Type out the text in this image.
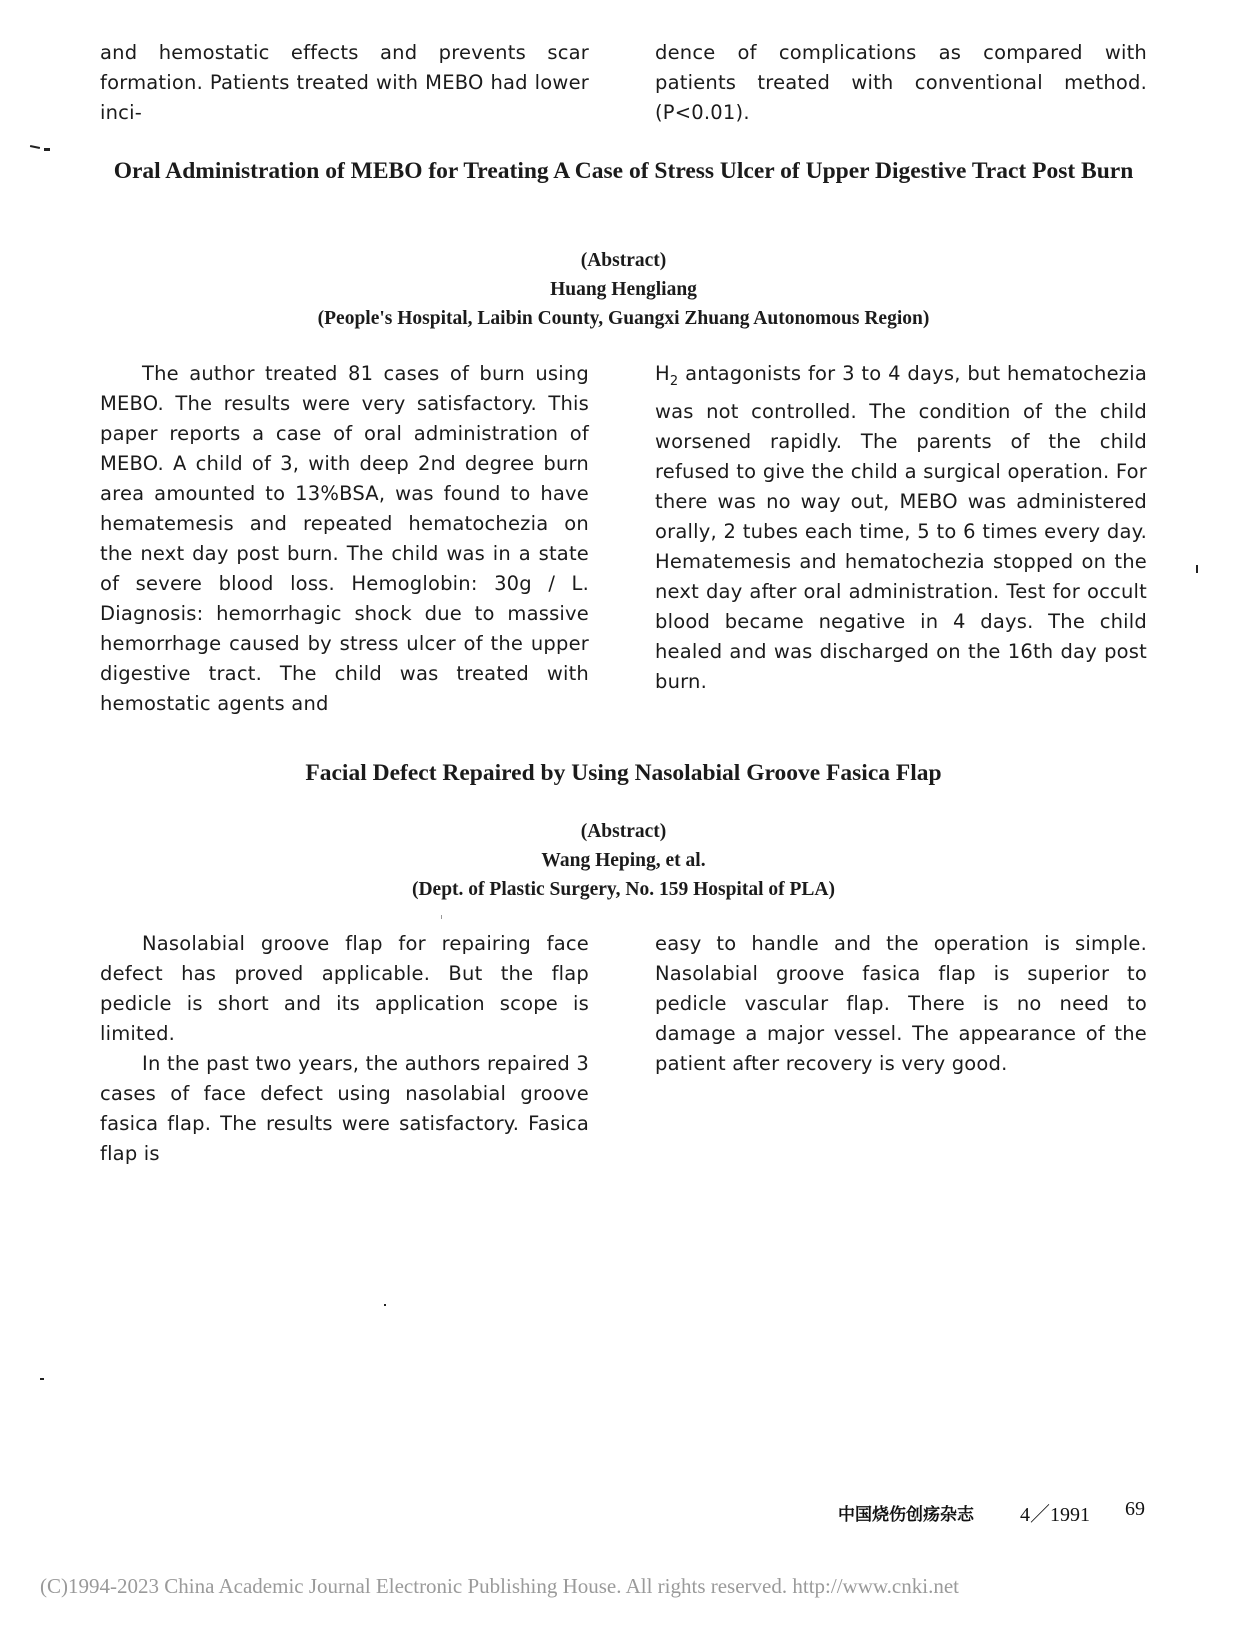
and hemostatic effects and prevents scar formation. Patients treated with MEBO had lower inci-

dence of complications as compared with patients treated with conventional method. (P<0.01).

Oral Administration of MEBO for Treating A Case of Stress Ulcer of Upper Digestive Tract Post Burn
(Abstract)
Huang Hengliang
(People's Hospital, Laibin County, Guangxi Zhuang Autonomous Region)

The author treated 81 cases of burn using MEBO. The results were very satisfactory. This paper reports a case of oral administration of MEBO. A child of 3, with deep 2nd degree burn area amounted to 13%BSA, was found to have hematemesis and repeated hematochezia on the next day post burn. The child was in a state of severe blood loss. Hemoglobin: 30g / L. Diagnosis: hemorrhagic shock due to massive hemorrhage caused by stress ulcer of the upper digestive tract. The child was treated with hemostatic agents and

$H_2$ antagonists for 3 to 4 days, but hematochezia was not controlled. The condition of the child worsened rapidly. The parents of the child refused to give the child a surgical operation. For there was no way out, MEBO was administered orally, 2 tubes each time, 5 to 6 times every day. Hematemesis and hematochezia stopped on the next day after oral administration. Test for occult blood became negative in 4 days. The child healed and was discharged on the 16th day post burn.

Facial Defect Repaired by Using Nasolabial Groove Fasica Flap
(Abstract)
Wang Heping, et al.
(Dept. of Plastic Surgery, No. 159 Hospital of PLA)

Nasolabial groove flap for repairing face defect has proved applicable. But the flap pedicle is short and its application scope is limited.

In the past two years, the authors repaired 3 cases of face defect using nasolabial groove fasica flap. The results were satisfactory. Fasica flap is

easy to handle and the operation is simple. Nasolabial groove fasica flap is superior to pedicle vascular flap. There is no need to damage a major vessel. The appearance of the patient after recovery is very good.

中国烧伤创疡杂志 4／1991 69
(C)1994-2023 China Academic Journal Electronic Publishing House. All rights reserved. http://www.cnki.net
